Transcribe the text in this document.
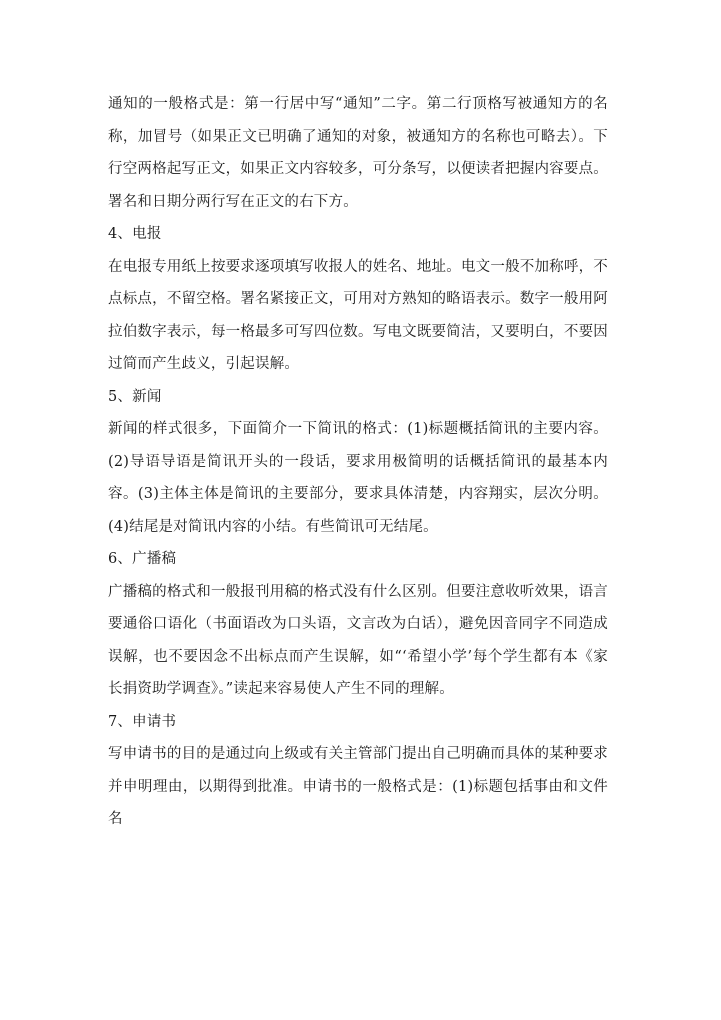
通知的一般格式是：第一行居中写“通知”二字。第二行顶格写被通知方的名称，加冒号（如果正文已明确了通知的对象，被通知方的名称也可略去）。下行空两格起写正文，如果正文内容较多，可分条写，以便读者把握内容要点。署名和日期分两行写在正文的右下方。

4、电报

在电报专用纸上按要求逐项填写收报人的姓名、地址。电文一般不加称呼，不点标点，不留空格。署名紧接正文，可用对方熟知的略语表示。数字一般用阿拉伯数字表示，每一格最多可写四位数。写电文既要简洁，又要明白，不要因过简而产生歧义，引起误解。

5、新闻

新闻的样式很多，下面简介一下简讯的格式：(1)标题概括简讯的主要内容。(2)导语导语是简讯开头的一段话，要求用极简明的话概括简讯的最基本内容。(3)主体主体是简讯的主要部分，要求具体清楚，内容翔实，层次分明。(4)结尾是对简讯内容的小结。有些简讯可无结尾。

6、广播稿

广播稿的格式和一般报刊用稿的格式没有什么区别。但要注意收听效果，语言要通俗口语化（书面语改为口头语，文言改为白话），避免因音同字不同造成误解，也不要因念不出标点而产生误解，如“‘希望小学’每个学生都有本《家长捐资助学调查》。”读起来容易使人产生不同的理解。

7、申请书

写申请书的目的是通过向上级或有关主管部门提出自己明确而具体的某种要求并申明理由，以期得到批准。申请书的一般格式是：(1)标题包括事由和文件名
